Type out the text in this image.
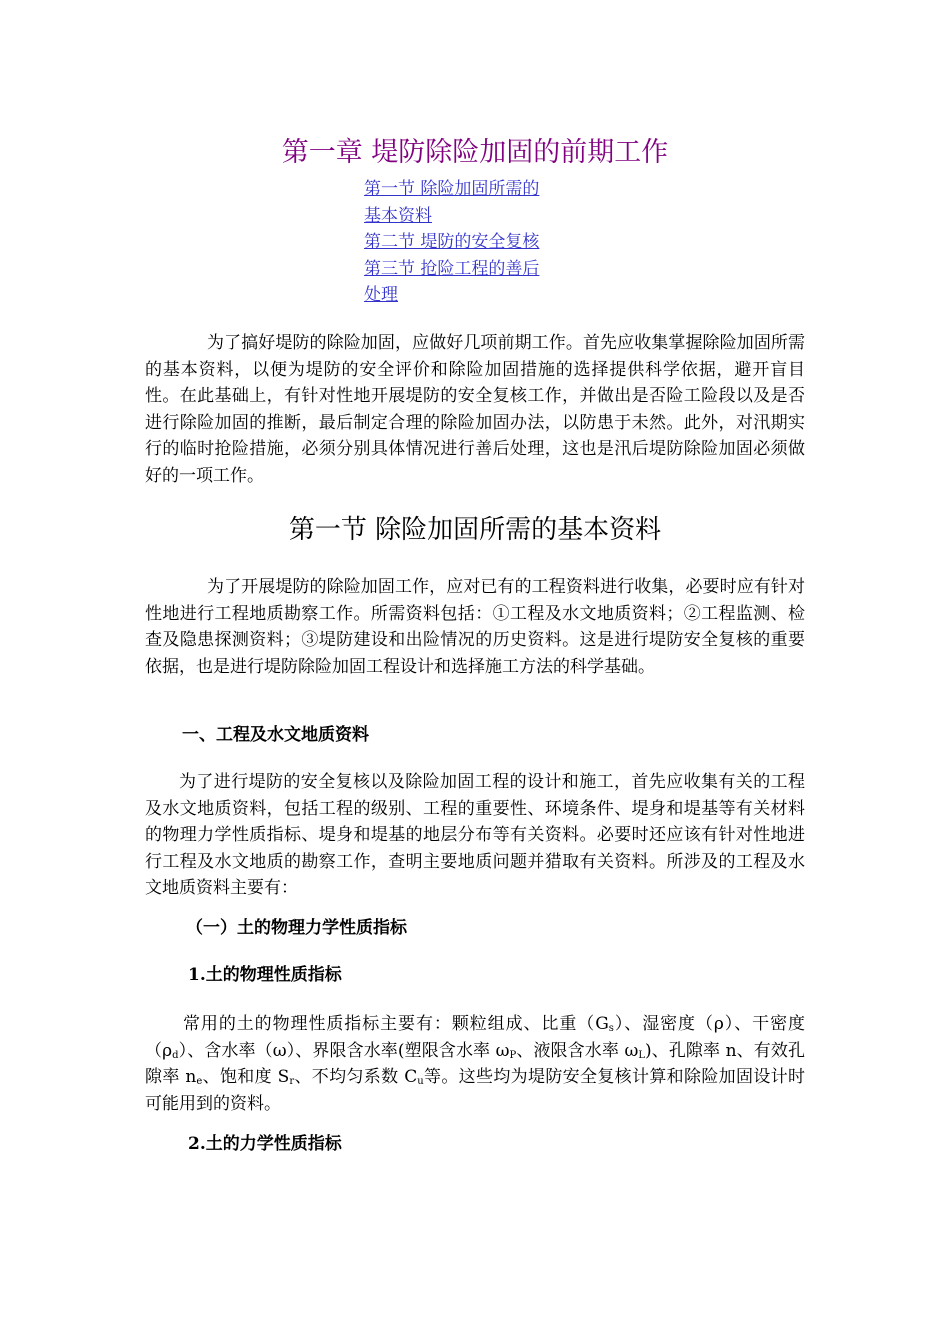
第一章 堤防除险加固的前期工作
第一节 除险加固所需的
基本资料
第二节 堤防的安全复核
第三节 抢险工程的善后
处理

为了搞好堤防的除险加固，应做好几项前期工作。首先应收集掌握除险加固所需的基本资料，以便为堤防的安全评价和除险加固措施的选择提供科学依据，避开盲目性。在此基础上，有针对性地开展堤防的安全复核工作，并做出是否险工险段以及是否进行除险加固的推断，最后制定合理的除险加固办法，以防患于未然。此外，对汛期实行的临时抢险措施，必须分别具体情况进行善后处理，这也是汛后堤防除险加固必须做好的一项工作。

第一节 除险加固所需的基本资料

为了开展堤防的除险加固工作，应对已有的工程资料进行收集，必要时应有针对性地进行工程地质勘察工作。所需资料包括：①工程及水文地质资料；②工程监测、检查及隐患探测资料；③堤防建设和出险情况的历史资料。这是进行堤防安全复核的重要依据，也是进行堤防除险加固工程设计和选择施工方法的科学基础。

一、工程及水文地质资料

为了进行堤防的安全复核以及除险加固工程的设计和施工，首先应收集有关的工程及水文地质资料，包括工程的级别、工程的重要性、环境条件、堤身和堤基等有关材料的物理力学性质指标、堤身和堤基的地层分布等有关资料。必要时还应该有针对性地进行工程及水文地质的勘察工作，查明主要地质问题并猎取有关资料。所涉及的工程及水文地质资料主要有：

（一）土的物理力学性质指标
1.土的物理性质指标

常用的土的物理性质指标主要有：颗粒组成、比重$(G_s)$、湿密度（ρ）、干密度$(\rho_d)$、含水率（ω）、界限含水率(塑限含水率 $\omega_P$、液限含水率 $\omega_L$)、孔隙率 n、有效孔隙率 $n_e$、饱和度 $S_r$、不均匀系数 $C_u$等。这些均为堤防安全复核计算和除险加固设计时可能用到的资料。

2.土的力学性质指标
